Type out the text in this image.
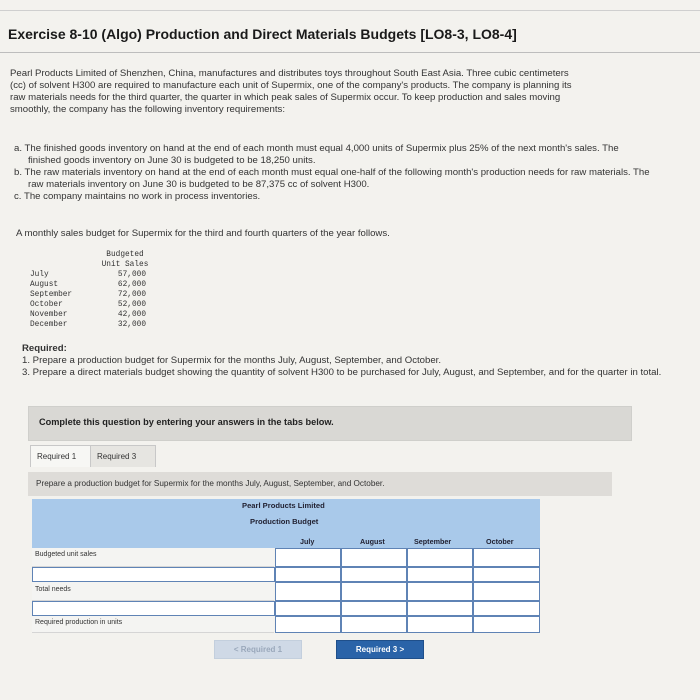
Exercise 8-10 (Algo) Production and Direct Materials Budgets [LO8-3, LO8-4]
Pearl Products Limited of Shenzhen, China, manufactures and distributes toys throughout South East Asia. Three cubic centimeters
(cc) of solvent H300 are required to manufacture each unit of Supermix, one of the company's products. The company is planning its
raw materials needs for the third quarter, the quarter in which peak sales of Supermix occur. To keep production and sales moving
smoothly, the company has the following inventory requirements:

a. The finished goods inventory on hand at the end of each month must equal 4,000 units of Supermix plus 25% of the next month's sales. The finished goods inventory on June 30 is budgeted to be 18,250 units.

b. The raw materials inventory on hand at the end of each month must equal one-half of the following month's production needs for raw materials. The raw materials inventory on June 30 is budgeted to be 87,375 cc of solvent H300.

c. The company maintains no work in process inventories.

A monthly sales budget for Supermix for the third and fourth quarters of the year follows.
Budgeted
Unit Sales
July	57,000
August	62,000
September	72,000
October	52,000
November	42,000
December	32,000
Required:
1. Prepare a production budget for Supermix for the months July, August, September, and October.
3. Prepare a direct materials budget showing the quantity of solvent H300 to be purchased for July, August, and September, and for the quarter in total.
Complete this question by entering your answers in the tabs below.
Required 1	Required 3
Prepare a production budget for Supermix for the months July, August, September, and October.
Pearl Products Limited
Production Budget
July	August	September	October
Budgeted unit sales
Total needs
Required production in units
< Required 1	Required 3 >
